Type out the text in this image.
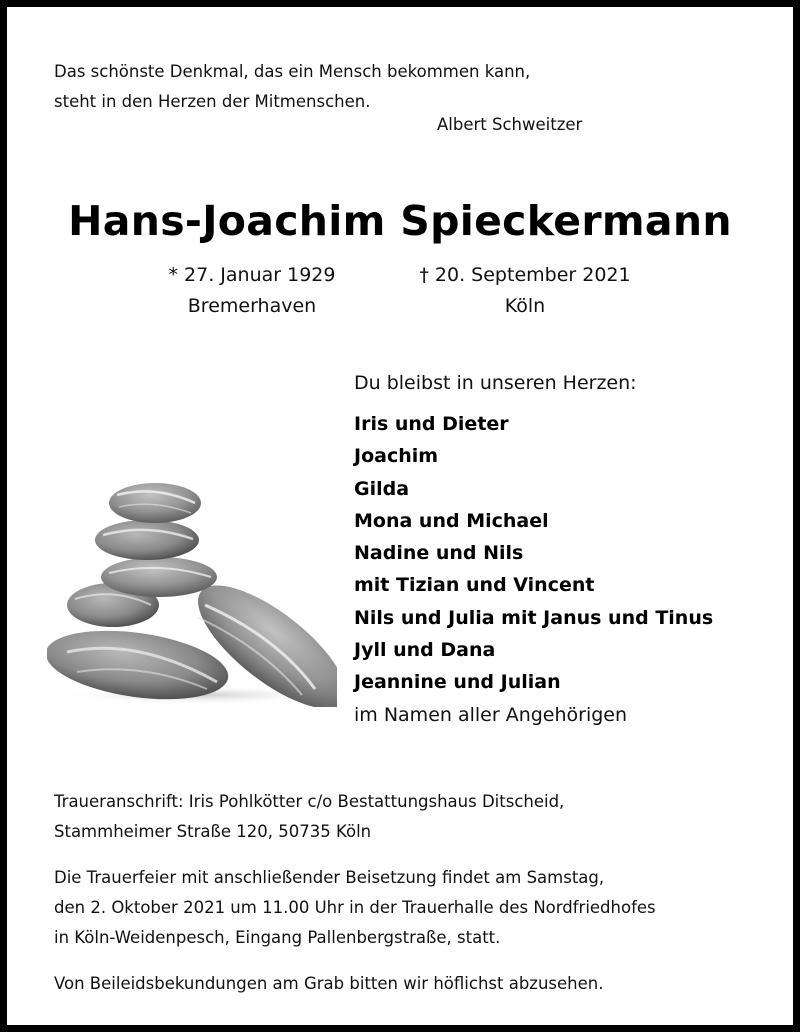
Das schönste Denkmal, das ein Mensch bekommen kann,
steht in den Herzen der Mitmenschen.
Albert Schweitzer
Hans-Joachim Spieckermann
* 27. Januar 1929
Bremerhaven
† 20. September 2021
Köln
Du bleibst in unseren Herzen:
Iris und Dieter
Joachim
Gilda
Mona und Michael
Nadine und Nils
mit Tizian und Vincent
Nils und Julia mit Janus und Tinus
Jyll und Dana
Jeannine und Julian
im Namen aller Angehörigen

Traueranschrift: Iris Pohlkötter c/o Bestattungshaus Ditscheid,

Stammheimer Straße 120, 50735 Köln

Die Trauerfeier mit anschließender Beisetzung findet am Samstag,

den 2. Oktober 2021 um 11.00 Uhr in der Trauerhalle des Nordfriedhofes

in Köln-Weidenpesch, Eingang Pallenbergstraße, statt.

Von Beileidsbekundungen am Grab bitten wir höflichst abzusehen.
